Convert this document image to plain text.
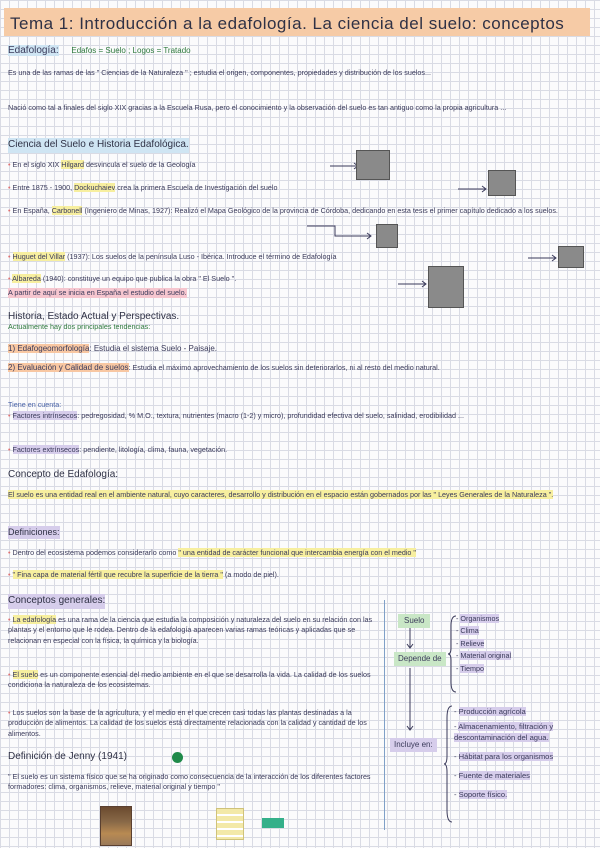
Tema 1: Introducción a la edafología. La ciencia del suelo: conceptos
Edafología: Edafos = Suelo ; Logos = Tratado

Es una de las ramas de las " Ciencias de la Naturaleza " ; estudia el origen, componentes, propiedades y distribución de los suelos...

Nació como tal a finales del siglo XIX gracias a la Escuela Rusa, pero el conocimiento y la observación del suelo es tan antiguo como la propia agricultura ...

Ciencia del Suelo e Historia Edafológica.
• En el siglo XIX Hilgard desvincula el suelo de la Geología
• Entre 1875 - 1900, Dockuchaiev crea la primera Escuela de Investigación del suelo
• En España, Carbonell (Ingeniero de Minas, 1927): Realizó el Mapa Geológico de la provincia de Córdoba, dedicando en esta tesis el primer capítulo dedicado a los suelos.
• Huguet del Villar (1937): Los suelos de la península Luso - Ibérica. Introduce el término de Edafología
• Albareda (1940): constituye un equipo que publica la obra " El Suelo ".
A partir de aquí se inicia en España el estudio del suelo.
Historia, Estado Actual y Perspectivas.
Actualmente hay dos principales tendencias:
1) Edafogeomorfología: Estudia el sistema Suelo - Paisaje.
2) Evaluación y Calidad de suelos: Estudia el máximo aprovechamiento de los suelos sin deteriorarlos, ni al resto del medio natural.
Tiene en cuenta:
• Factores intrínsecos: pedregosidad, % M.O., textura, nutrientes (macro (1-2) y micro), profundidad efectiva del suelo, salinidad, erodibilidad ...
• Factores extrínsecos: pendiente, litología, clima, fauna, vegetación.
Concepto de Edafología:

El suelo es una entidad real en el ambiente natural, cuyo caracteres, desarrollo y distribución en el espacio están gobernados por las " Leyes Generales de la Naturaleza ".

Definiciones:
• Dentro del ecosistema podemos considerarlo como " una entidad de carácter funcional que intercambia energía con el medio "
• " Fina capa de material fértil que recubre la superficie de la tierra " (a modo de piel).
Conceptos generales:

• La edafología es una rama de la ciencia que estudia la composición y naturaleza del suelo en su relación con las plantas y el entorno que le rodea. Dentro de la edafología aparecen varias ramas teóricas y aplicadas que se relacionan en especial con la física, la química y la biología.

• El suelo es un componente esencial del medio ambiente en el que se desarrolla la vida. La calidad de los suelos condiciona la naturaleza de los ecosistemas.

• Los suelos son la base de la agricultura, y el medio en el que crecen casi todas las plantas destinadas a la producción de alimentos. La calidad de los suelos está directamente relacionada con la calidad y cantidad de los alimentos.

Suelo
Depende de
- Organismos
- Clima
- Relieve
- Material original
- Tiempo
Incluye en:
- Producción agrícola
- Almacenamiento, filtración y descontaminación del agua.
- Hábitat para los organismos
- Fuente de materiales
- Soporte físico.
Definición de Jenny (1941)

" El suelo es un sistema físico que se ha originado como consecuencia de la interacción de los diferentes factores formadores: clima, organismos, relieve, material original y tiempo "
